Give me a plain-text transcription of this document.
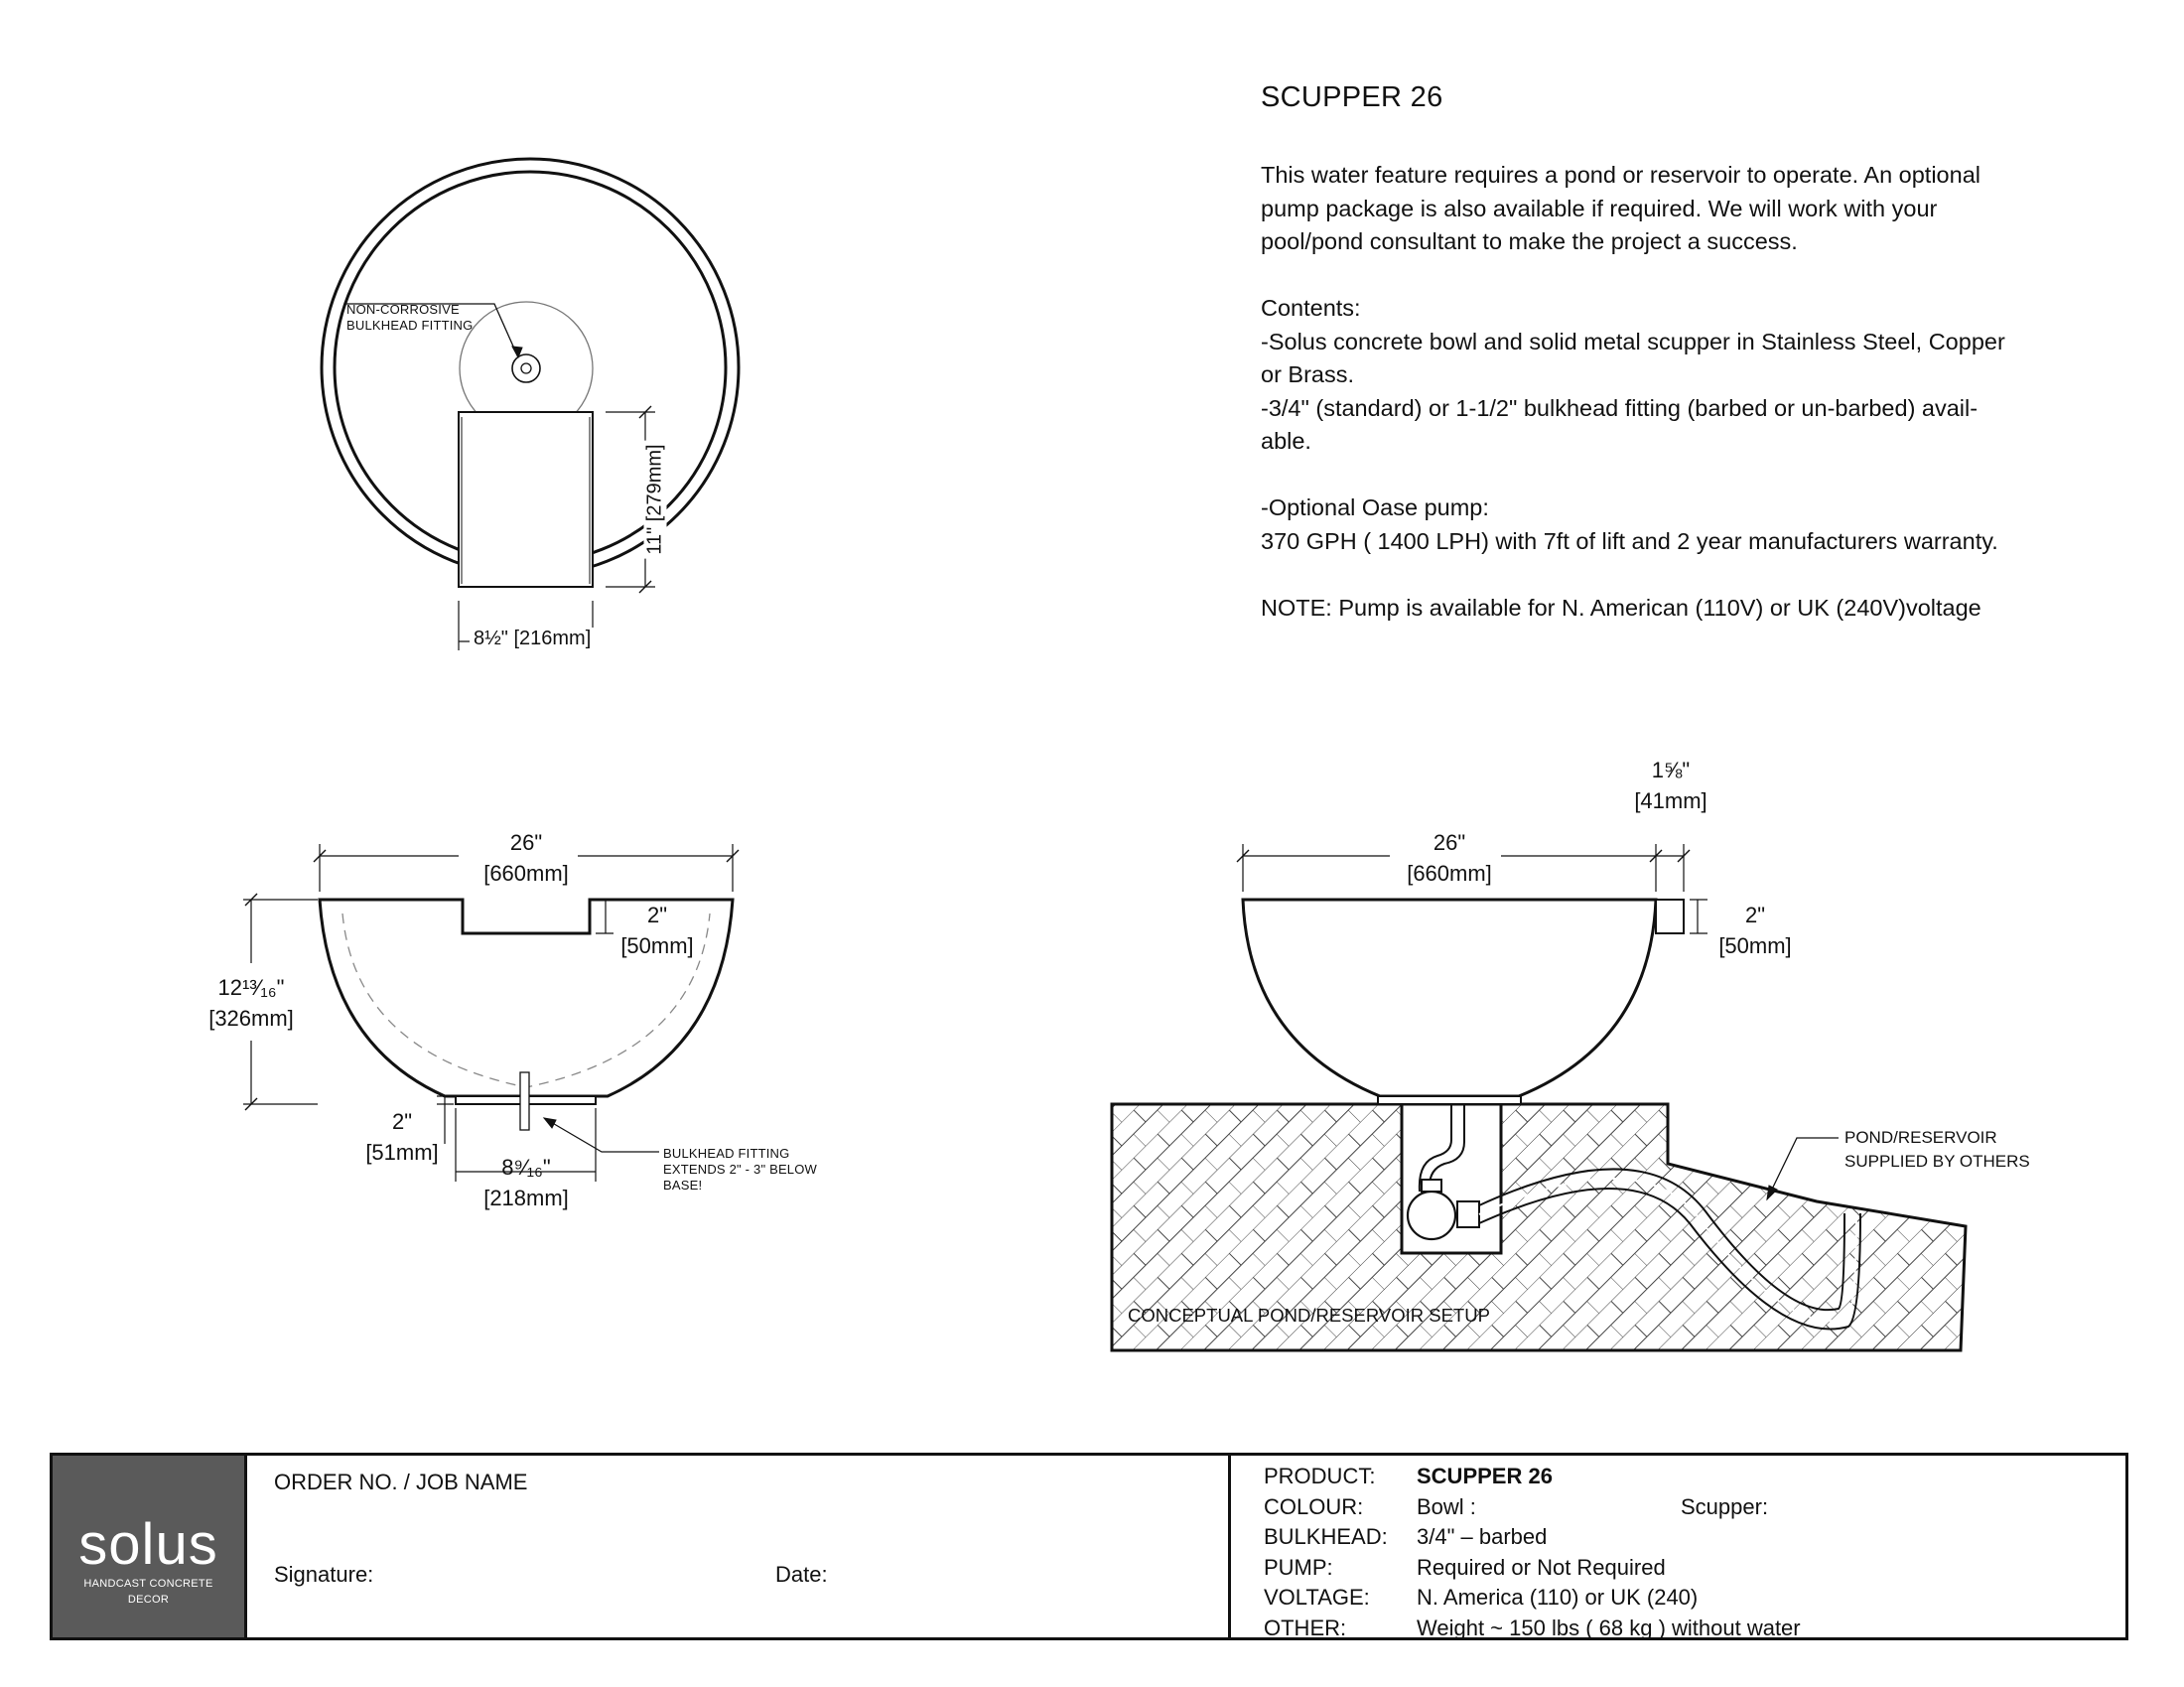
SCUPPER 26

This water feature requires a pond or reservoir to operate. An optional

pump package is also available if required. We will work with your

pool/pond consultant to make the project a success.

Contents:

-Solus concrete bowl and solid metal scupper in Stainless Steel, Copper

or Brass.

-3/4" (standard) or 1-1/2" bulkhead fitting (barbed or un-barbed) avail-

able.

-Optional Oase pump:

370 GPH ( 1400 LPH) with 7ft of lift and 2 year manufacturers warranty.

NOTE: Pump is available for N. American (110V) or UK (240V)voltage

NON-CORROSIVE
BULKHEAD FITTING
11" [279mm]
8½" [216mm]
26"
[660mm]
2"
[50mm]
12¹³⁄₁₆"
[326mm]
2"
[51mm]
8⁹⁄₁₆"
[218mm]
BULKHEAD FITTING
EXTENDS 2" - 3" BELOW
BASE!
1⅝"
[41mm]
26"
[660mm]
2"
[50mm]
POND/RESERVOIR
SUPPLIED BY OTHERS
CONCEPTUAL POND/RESERVOIR SETUP
solus
HANDCAST CONCRETE
DECOR
ORDER NO. / JOB NAME
Signature:	Date:
PRODUCT:
COLOUR:
BULKHEAD:
PUMP:
VOLTAGE:
OTHER:
SCUPPER 26
Bowl :
3/4" – barbed
Required or Not Required
N. America (110) or UK (240)
Weight ~ 150 lbs ( 68 kg ) without water
Scupper:
